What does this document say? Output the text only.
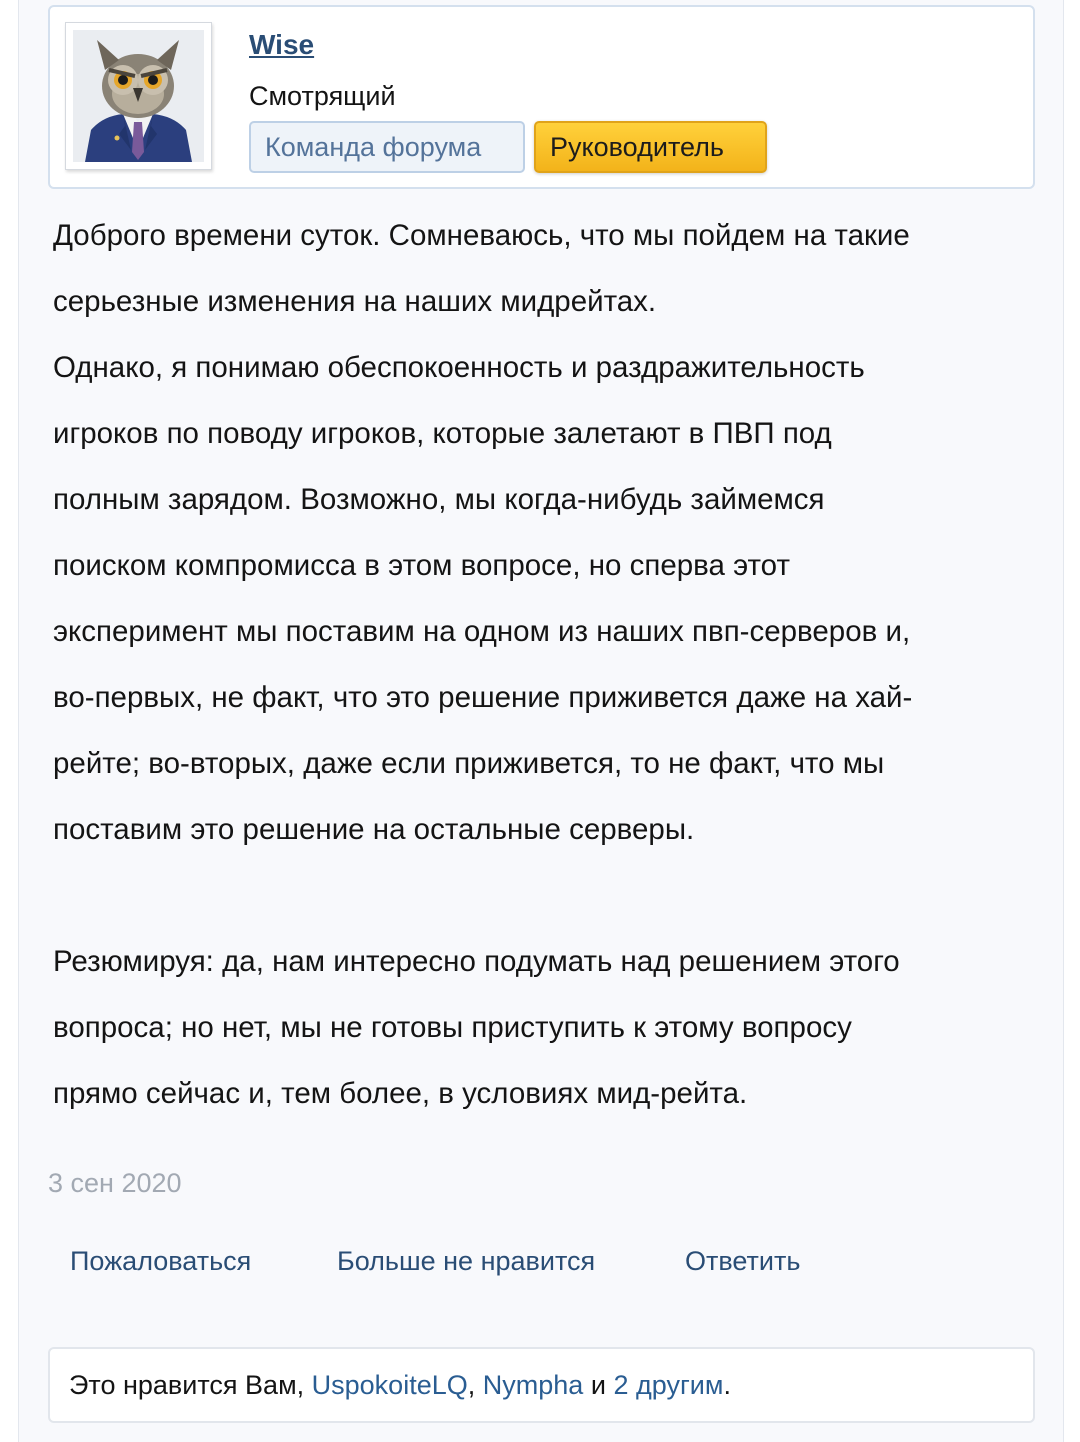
Wise
Смотрящий
Команда форума	Руководитель

Доброго времени суток. Сомневаюсь, что мы пойдем на такие

серьезные изменения на наших мидрейтах.

Однако, я понимаю обеспокоенность и раздражительность

игроков по поводу игроков, которые залетают в ПВП под

полным зарядом. Возможно, мы когда-нибудь займемся

поиском компромисса в этом вопросе, но сперва этот

эксперимент мы поставим на одном из наших пвп-серверов и,

во-первых, не факт, что это решение приживется даже на хай-

рейте; во-вторых, даже если приживется, то не факт, что мы

поставим это решение на остальные серверы.

Резюмируя: да, нам интересно подумать над решением этого

вопроса; но нет, мы не готовы приступить к этому вопросу

прямо сейчас и, тем более, в условиях мид-рейта.

3 сен 2020
Пожаловаться	Больше не нравится	Ответить
Это нравится Вам, UspokoiteLQ, Nympha и 2 другим.
